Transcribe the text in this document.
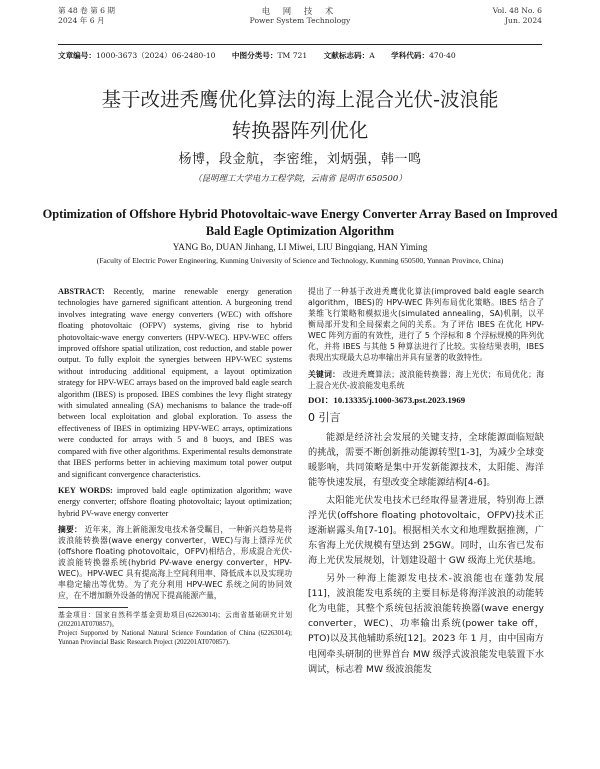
第 48 卷 第 6 期
2024 年 6 月
电 网 技 术
Power System Technology
Vol. 48 No. 6
Jun. 2024
文章编号：1000-3673（2024）06-2480-10 中图分类号：TM 721 文献标志码：A 学科代码：470·40
基于改进秃鹰优化算法的海上混合光伏-波浪能
转换器阵列优化
杨博，段金航，李密维，刘炳强，韩一鸣
（昆明理工大学电力工程学院，云南省 昆明市 650500）
Optimization of Offshore Hybrid Photovoltaic-wave Energy Converter Array Based on Improved Bald Eagle Optimization Algorithm
YANG Bo, DUAN Jinhang, LI Miwei, LIU Bingqiang, HAN Yiming
(Faculty of Electric Power Engineering, Kunming University of Science and Technology, Kunming 650500, Yunnan Province, China)

ABSTRACT: Recently, marine renewable energy generation technologies have garnered significant attention. A burgeoning trend involves integrating wave energy converters (WEC) with offshore floating photovoltaic (OFPV) systems, giving rise to hybrid photovoltaic-wave energy converters (HPV-WEC). HPV-WEC offers improved offshore spatial utilization, cost reduction, and stable power output. To fully exploit the synergies between HPV-WEC systems without introducing additional equipment, a layout optimization strategy for HPV-WEC arrays based on the improved bald eagle search algorithm (IBES) is proposed. IBES combines the levy flight strategy with simulated annealing (SA) mechanisms to balance the trade-off between local exploitation and global exploration. To assess the effectiveness of IBES in optimizing HPV-WEC arrays, optimizations were conducted for arrays with 5 and 8 buoys, and IBES was compared with five other algorithms. Experimental results demonstrate that IBES performs better in achieving maximum total power output and significant convergence characteristics.

KEY WORDS: improved bald eagle optimization algorithm; wave energy converter; offshore floating photovoltaic; layout optimization; hybrid PV-wave energy converter

摘要： 近年来，海上新能源发电技术备受瞩目，一种新兴趋势是将波浪能转换器(wave energy converter，WEC)与海上漂浮光伏(offshore floating photovoltaic，OFPV)相结合，形成混合光伏-波浪能转换器系统(hybrid PV-wave energy converter，HPV-WEC)。HPV-WEC 具有提高海上空间利用率、降低成本以及实现功率稳定输出等优势。为了充分利用 HPV-WEC 系统之间的协同效应，在不增加额外设备的情况下提高能源产量，

基金项目：国家自然科学基金资助项目(62263014)；云南省基础研究计划(202201AT070857)。
Project Supported by National Natural Science Foundation of China (62263014); Yunnan Provincial Basic Research Project (202201AT070857).

提出了一种基于改进秃鹰优化算法(improved bald eagle search algorithm，IBES)的 HPV-WEC 阵列布局优化策略。IBES 结合了莱维飞行策略和模拟退火(simulated annealing，SA)机制，以平衡局部开发和全局探索之间的关系。为了评估 IBES 在优化 HPV-WEC 阵列方面的有效性，进行了 5 个浮标和 8 个浮标规模的阵列优化，并将 IBES 与其他 5 种算法进行了比较。实验结果表明，IBES 表现出实现最大总功率输出并具有显著的收敛特性。

关键词： 改进秃鹰算法；波浪能转换器；海上光伏；布局优化；海上混合光伏-波浪能发电系统

DOI：10.13335/j.1000-3673.pst.2023.1969
0 引言

能源是经济社会发展的关键支持，全球能源面临短缺的挑战，需要不断创新推动能源转型[1-3]，为减少全球变暖影响，共同策略是集中开发新能源技术，太阳能、海洋能等快速发展，有望改变全球能源结构[4-6]。

太阳能光伏发电技术已经取得显著进展，特别海上漂浮光伏(offshore floating photovoltaic，OFPV)技术正逐渐崭露头角[7-10]。根据相关水文和地理数据推测，广东省海上光伏规模有望达到 25GW。同时，山东省已发布海上光伏发展规划，计划建设超十 GW 级海上光伏基地。

另外一种海上能源发电技术-波浪能也在蓬勃发展[11]，波浪能发电系统的主要目标是将海洋波浪的动能转化为电能，其整个系统包括波浪能转换器(wave energy converter，WEC)、功率输出系统(power take off，PTO)以及其他辅助系统[12]。2023 年 1 月，由中国南方电网牵头研制的世界首台 MW 级浮式波浪能发电装置下水调试，标志着 MW 级波浪能发
